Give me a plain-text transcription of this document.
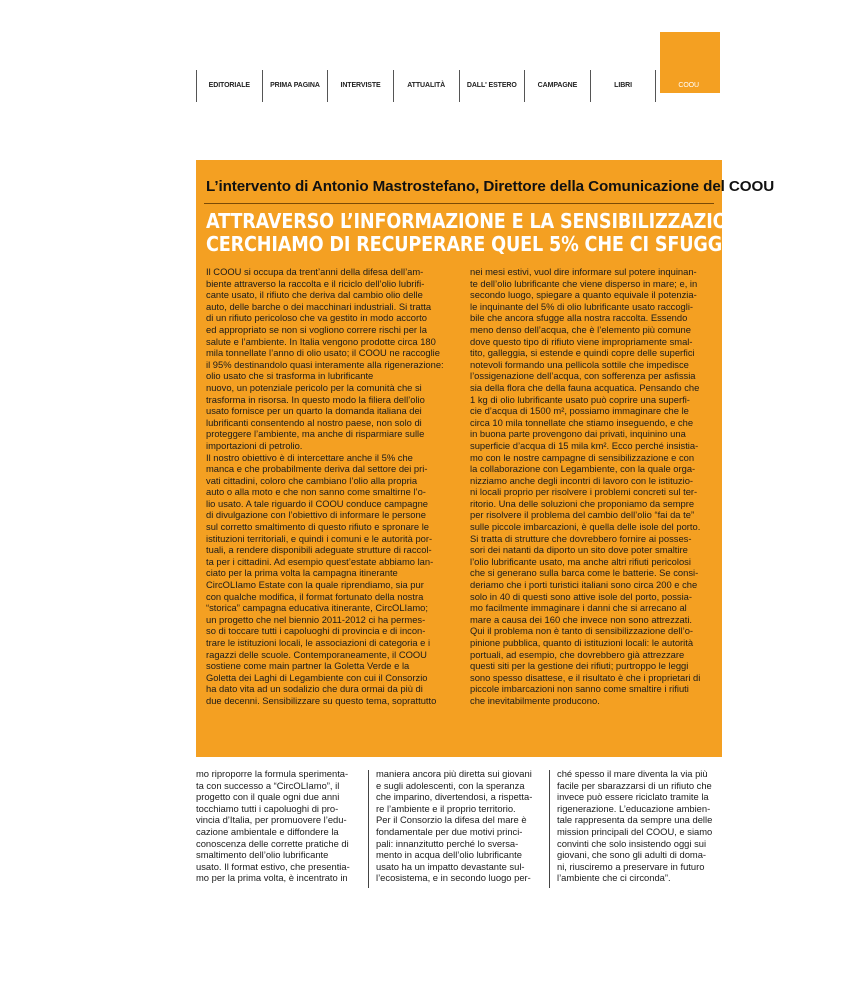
EDITORIALE	PRIMA PAGINA	INTERVISTE	ATTUALITÀ	DALL' ESTERO	CAMPAGNE	LIBRI	COOU
L’intervento di Antonio Mastrostefano, Direttore della Comunicazione del COOU
ATTRAVERSO L’INFORMAZIONE E LA SENSIBILIZZAZIONE
CERCHIAMO DI RECUPERARE QUEL 5% CHE CI SFUGGE
Il COOU si occupa da trent’anni della difesa dell’am-
biente attraverso la raccolta e il riciclo dell’olio lubrifi-
cante usato, il rifiuto che deriva dal cambio olio delle
auto, delle barche o dei macchinari industriali. Si tratta
di un rifiuto pericoloso che va gestito in modo accorto
ed appropriato se non si vogliono correre rischi per la
salute e l’ambiente. In Italia vengono prodotte circa 180
mila tonnellate l’anno di olio usato; il COOU ne raccoglie
il 95% destinandolo quasi interamente alla rigenerazione:
olio usato che si trasforma in lubrificante
nuovo, un potenziale pericolo per la comunità che si
trasforma in risorsa. In questo modo la filiera dell’olio
usato fornisce per un quarto la domanda italiana dei
lubrificanti consentendo al nostro paese, non solo di
proteggere l’ambiente, ma anche di risparmiare sulle
importazioni di petrolio.
Il nostro obiettivo è di intercettare anche il 5% che
manca e che probabilmente deriva dal settore dei pri-
vati cittadini, coloro che cambiano l’olio alla propria
auto o alla moto e che non sanno come smaltirne l’o-
lio usato. A tale riguardo il COOU conduce campagne
di divulgazione con l’obiettivo di informare le persone
sul corretto smaltimento di questo rifiuto e spronare le
istituzioni territoriali, e quindi i comuni e le autorità por-
tuali, a rendere disponibili adeguate strutture di raccol-
ta per i cittadini. Ad esempio quest’estate abbiamo lan-
ciato per la prima volta la campagna itinerante
CircOLIamo Estate con la quale riprendiamo, sia pur
con qualche modifica, il format fortunato della nostra
“storica” campagna educativa itinerante, CircOLIamo;
un progetto che nel biennio 2011-2012 ci ha permes-
so di toccare tutti i capoluoghi di provincia e di incon-
trare le istituzioni locali, le associazioni di categoria e i
ragazzi delle scuole. Contemporaneamente, il COOU
sostiene come main partner la Goletta Verde e la
Goletta dei Laghi di Legambiente con cui il Consorzio
ha dato vita ad un sodalizio che dura ormai da più di
due decenni. Sensibilizzare su questo tema, soprattutto
nei mesi estivi, vuol dire informare sul potere inquinan-
te dell’olio lubrificante che viene disperso in mare; e, in
secondo luogo, spiegare a quanto equivale il potenzia-
le inquinante del 5% di olio lubrificante usato raccogli-
bile che ancora sfugge alla nostra raccolta. Essendo
meno denso dell’acqua, che è l’elemento più comune
dove questo tipo di rifiuto viene impropriamente smal-
tito, galleggia, si estende e quindi copre delle superfici
notevoli formando una pellicola sottile che impedisce
l’ossigenazione dell’acqua, con sofferenza per asfissia
sia della flora che della fauna acquatica. Pensando che
1 kg di olio lubrificante usato può coprire una superfi-
cie d’acqua di 1500 m², possiamo immaginare che le
circa 10 mila tonnellate che stiamo inseguendo, e che
in buona parte provengono dai privati, inquinino una
superficie d’acqua di 15 mila km². Ecco perché insistia-
mo con le nostre campagne di sensibilizzazione e con
la collaborazione con Legambiente, con la quale orga-
nizziamo anche degli incontri di lavoro con le istituzio-
ni locali proprio per risolvere i problemi concreti sul ter-
ritorio. Una delle soluzioni che proponiamo da sempre
per risolvere il problema del cambio dell’olio “fai da te”
sulle piccole imbarcazioni, è quella delle isole del porto.
Si tratta di strutture che dovrebbero fornire ai posses-
sori dei natanti da diporto un sito dove poter smaltire
l’olio lubrificante usato, ma anche altri rifiuti pericolosi
che si generano sulla barca come le batterie. Se consi-
deriamo che i porti turistici italiani sono circa 200 e che
solo in 40 di questi sono attive isole del porto, possia-
mo facilmente immaginare i danni che si arrecano al
mare a causa dei 160 che invece non sono attrezzati.
Qui il problema non è tanto di sensibilizzazione dell’o-
pinione pubblica, quanto di istituzioni locali: le autorità
portuali, ad esempio, che dovrebbero già attrezzare
questi siti per la gestione dei rifiuti; purtroppo le leggi
sono spesso disattese, e il risultato è che i proprietari di
piccole imbarcazioni non sanno come smaltire i rifiuti
che inevitabilmente producono.
mo riproporre la formula sperimenta-
ta con successo a “CircOLIamo”, il
progetto con il quale ogni due anni
tocchiamo tutti i capoluoghi di pro-
vincia d’Italia, per promuovere l’edu-
cazione ambientale e diffondere la
conoscenza delle corrette pratiche di
smaltimento dell’olio lubrificante
usato. Il format estivo, che presentia-
mo per la prima volta, è incentrato in
maniera ancora più diretta sui giovani
e sugli adolescenti, con la speranza
che imparino, divertendosi, a rispetta-
re l’ambiente e il proprio territorio.
Per il Consorzio la difesa del mare è
fondamentale per due motivi princi-
pali: innanzitutto perché lo sversa-
mento in acqua dell’olio lubrificante
usato ha un impatto devastante sul-
l’ecosistema, e in secondo luogo per-
ché spesso il mare diventa la via più
facile per sbarazzarsi di un rifiuto che
invece può essere riciclato tramite la
rigenerazione. L’educazione ambien-
tale rappresenta da sempre una delle
mission principali del COOU, e siamo
convinti che solo insistendo oggi sui
giovani, che sono gli adulti di doma-
ni, riusciremo a preservare in futuro
l’ambiente che ci circonda”.
